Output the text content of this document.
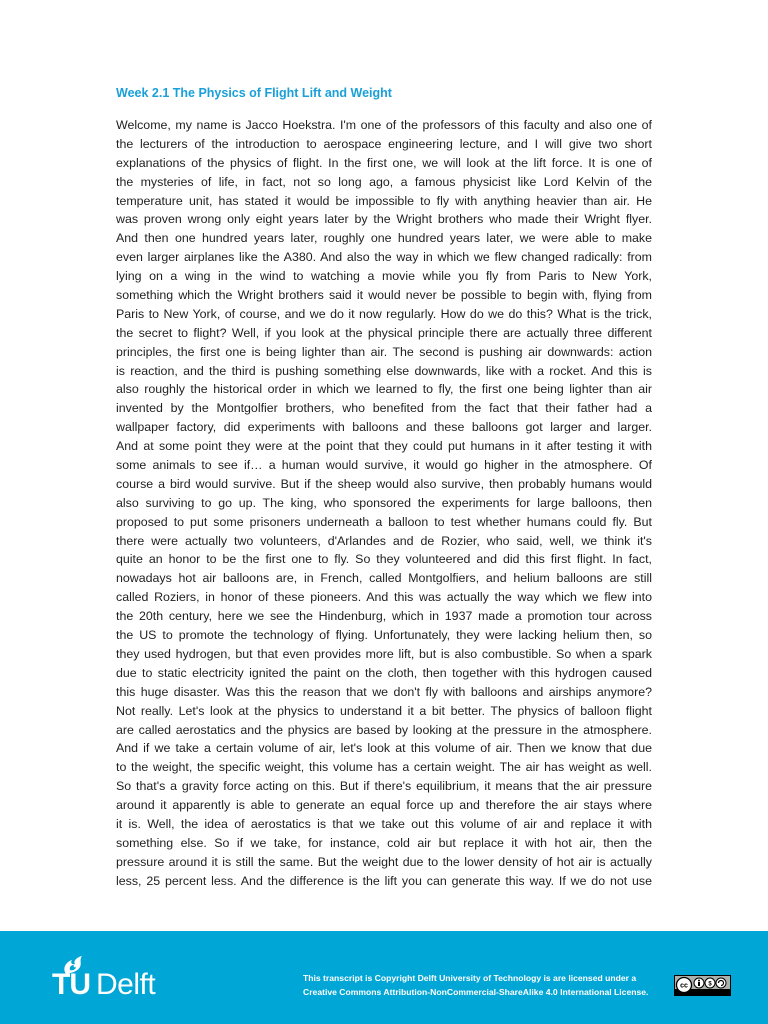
Week 2.1 The Physics of Flight Lift and Weight
Welcome, my name is Jacco Hoekstra. I'm one of the professors of this faculty and also one of
the lecturers of the introduction to aerospace engineering lecture, and I will give two short
explanations of the physics of flight. In the first one, we will look at the lift force. It is one of
the mysteries of life, in fact, not so long ago, a famous physicist like Lord Kelvin of the
temperature unit, has stated it would be impossible to fly with anything heavier than air. He
was proven wrong only eight years later by the Wright brothers who made their Wright flyer.
And then one hundred years later, roughly one hundred years later, we were able to make
even larger airplanes like the A380. And also the way in which we flew changed radically: from
lying on a wing in the wind to watching a movie while you fly from Paris to New York,
something which the Wright brothers said it would never be possible to begin with, flying from
Paris to New York, of course, and we do it now regularly. How do we do this? What is the trick,
the secret to flight? Well, if you look at the physical principle there are actually three different
principles, the first one is being lighter than air. The second is pushing air downwards: action
is reaction, and the third is pushing something else downwards, like with a rocket. And this is
also roughly the historical order in which we learned to fly, the first one being lighter than air
invented by the Montgolfier brothers, who benefited from the fact that their father had a
wallpaper factory, did experiments with balloons and these balloons got larger and larger.
And at some point they were at the point that they could put humans in it after testing it with
some animals to see if… a human would survive, it would go higher in the atmosphere. Of
course a bird would survive. But if the sheep would also survive, then probably humans would
also surviving to go up. The king, who sponsored the experiments for large balloons, then
proposed to put some prisoners underneath a balloon to test whether humans could fly. But
there were actually two volunteers, d'Arlandes and de Rozier, who said, well, we think it's
quite an honor to be the first one to fly. So they volunteered and did this first flight. In fact,
nowadays hot air balloons are, in French, called Montgolfiers, and helium balloons are still
called Roziers, in honor of these pioneers. And this was actually the way which we flew into
the 20th century, here we see the Hindenburg, which in 1937 made a promotion tour across
the US to promote the technology of flying. Unfortunately, they were lacking helium then, so
they used hydrogen, but that even provides more lift, but is also combustible. So when a spark
due to static electricity ignited the paint on the cloth, then together with this hydrogen caused
this huge disaster. Was this the reason that we don't fly with balloons and airships anymore?
Not really. Let's look at the physics to understand it a bit better. The physics of balloon flight
are called aerostatics and the physics are based by looking at the pressure in the atmosphere.
And if we take a certain volume of air, let's look at this volume of air. Then we know that due
to the weight, the specific weight, this volume has a certain weight. The air has weight as well.
So that's a gravity force acting on this. But if there's equilibrium, it means that the air pressure
around it apparently is able to generate an equal force up and therefore the air stays where
it is. Well, the idea of aerostatics is that we take out this volume of air and replace it with
something else. So if we take, for instance, cold air but replace it with hot air, then the
pressure around it is still the same. But the weight due to the lower density of hot air is actually
less, 25 percent less. And the difference is the lift you can generate this way. If we do not use
TU Delft	This transcript is Copyright Delft University of Technology is are licensed under a
Creative Commons Attribution-NonCommercial-ShareAlike 4.0 International License.
cc	$
